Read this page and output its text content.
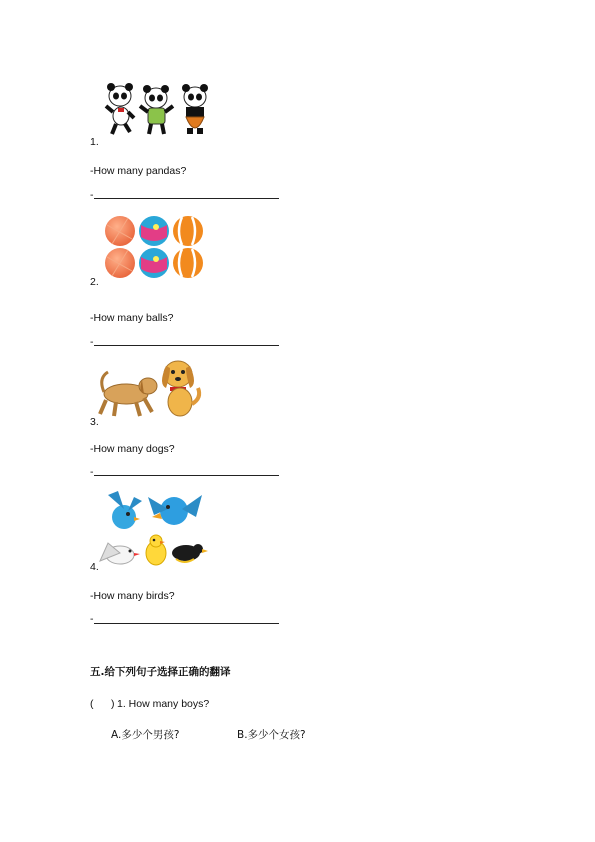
1.
-How many pandas?
-
2.
-How many balls?
-
3.
-How many dogs?
-
4.
-How many birds?
-
五.给下列句子选择正确的翻译
( ) 1. How many boys?
A.多少个男孩?	B.多少个女孩?
